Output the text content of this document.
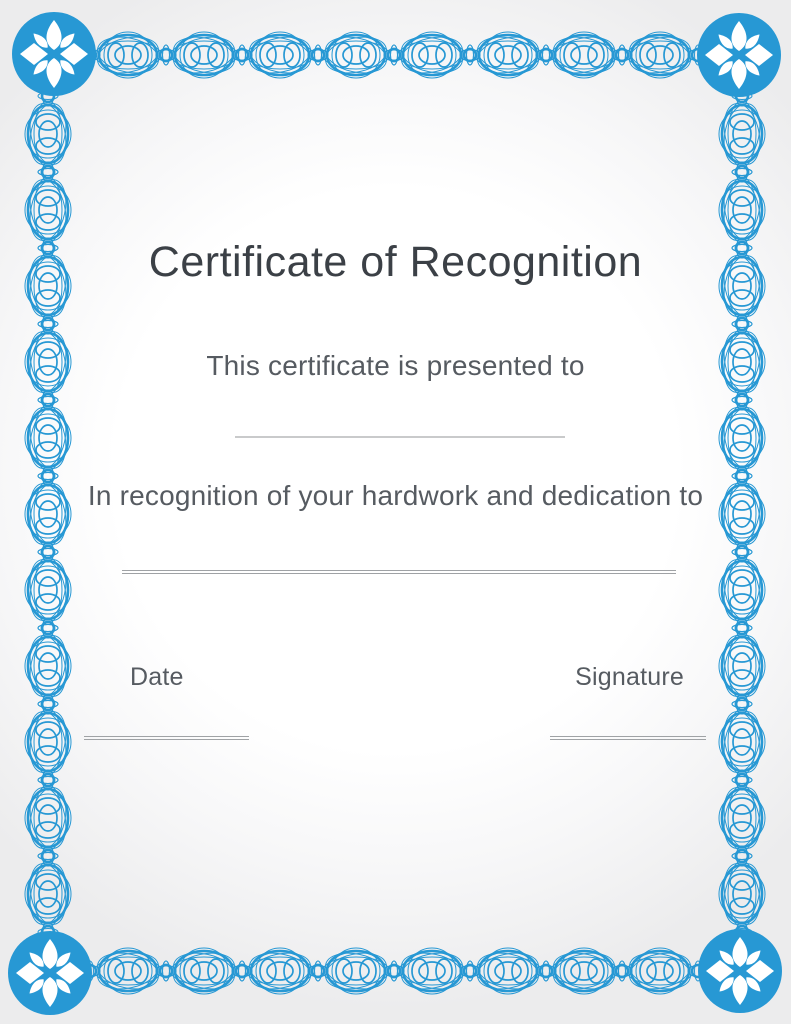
Certificate of Recognition

This certificate is presented to

In recognition of your hardwork and dedication to

Date	Signature
